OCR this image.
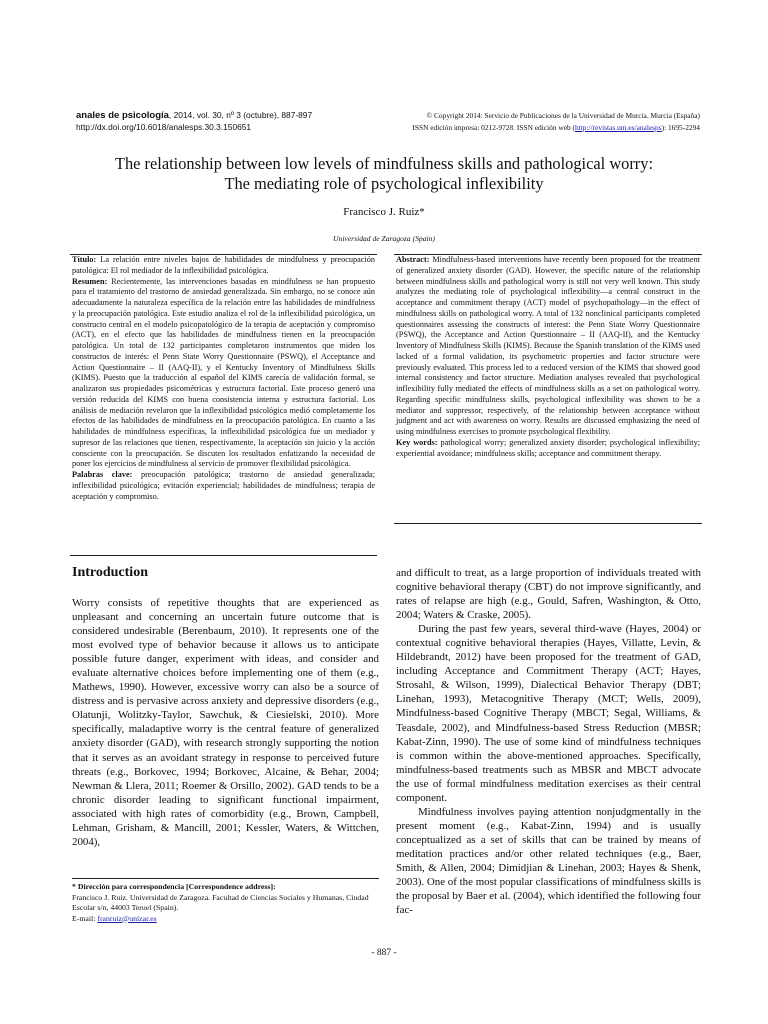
anales de psicología, 2014, vol. 30, nº 3 (octubre), 887-897
http://dx.doi.org/10.6018/analesps.30.3.150651
© Copyright 2014: Servicio de Publicaciones de la Universidad de Murcia. Murcia (España)
ISSN edición impresa: 0212-9728. ISSN edición web (http://revistas.um.es/analesps): 1695-2294
The relationship between low levels of mindfulness skills and pathological worry:
The mediating role of psychological inflexibility
Francisco J. Ruiz*
Universidad de Zaragoza (Spain)

Título: La relación entre niveles bajos de habilidades de mindfulness y preocupación patológica: El rol mediador de la inflexibilidad psicológica.

Resumen: Recientemente, las intervenciones basadas en mindfulness se han propuesto para el tratamiento del trastorno de ansiedad generalizada. Sin embargo, no se conoce aún adecuadamente la naturaleza específica de la relación entre las habilidades de mindfulness y la preocupación patológica. Este estudio analiza el rol de la inflexibilidad psicológica, un constructo central en el modelo psicopatológico de la terapia de aceptación y compromiso (ACT), en el efecto que las habilidades de mindfulness tienen en la preocupación patológica. Un total de 132 participantes completaron instrumentos que miden los constructos de interés: el Penn State Worry Questionnaire (PSWQ), el Acceptance and Action Questionnaire – II (AAQ-II), y el Kentucky Inventory of Mindfulness Skills (KIMS). Puesto que la traducción al español del KIMS carecía de validación formal, se analizaron sus propiedades psicométricas y estructura factorial. Este proceso generó una versión reducida del KIMS con buena consistencia interna y estructura factorial. Los análisis de mediación revelaron que la inflexibilidad psicológica medió completamente los efectos de las habilidades de mindfulness en la preocupación patológica. En cuanto a las habilidades de mindfulness específicas, la inflexibilidad psicológica fue un mediador y supresor de las relaciones que tienen, respectivamente, la aceptación sin juicio y la acción consciente con la preocupación. Se discuten los resultados enfatizando la necesidad de poner los ejercicios de mindfulness al servicio de promover flexibilidad psicológica.

Palabras clave: preocupación patológica; trastorno de ansiedad generalizada; inflexibilidad psicológica; evitación experiencial; habilidades de mindfulness; terapia de aceptación y compromiso.

Abstract: Mindfulness-based interventions have recently been proposed for the treatment of generalized anxiety disorder (GAD). However, the specific nature of the relationship between mindfulness skills and pathological worry is still not very well known. This study analyzes the mediating role of psychological inflexibility—a central construct in the acceptance and commitment therapy (ACT) model of psychopathology—in the effect of mindfulness skills on pathological worry. A total of 132 nonclinical participants completed questionnaires assessing the constructs of interest: the Penn State Worry Questionnaire (PSWQ), the Acceptance and Action Questionnaire – II (AAQ-II), and the Kentucky Inventory of Mindfulness Skills (KIMS). Because the Spanish translation of the KIMS used lacked of a formal validation, its psychometric properties and factor structure were previously evaluated. This process led to a reduced version of the KIMS that showed good internal consistency and factor structure. Mediation analyses revealed that psychological inflexibility fully mediated the effects of mindfulness skills as a set on pathological worry. Regarding specific mindfulness skills, psychological inflexibility was shown to be a mediator and suppressor, respectively, of the relationship between acceptance without judgment and act with awareness on worry. Results are discussed emphasizing the need of using mindfulness exercises to promote psychological flexibility.

Key words: pathological worry; generalized anxiety disorder; psychological inflexibility; experiential avoidance; mindfulness skills; acceptance and commitment therapy.

Introduction

Worry consists of repetitive thoughts that are experienced as unpleasant and concerning an uncertain future outcome that is considered undesirable (Berenbaum, 2010). It represents one of the most evolved type of behavior because it allows us to anticipate possible future danger, experiment with ideas, and consider and evaluate alternative choices before implementing one of them (e.g., Mathews, 1990). However, excessive worry can also be a source of distress and is pervasive across anxiety and depressive disorders (e.g., Olatunji, Wolitzky-Taylor, Sawchuk, & Ciesielski, 2010). More specifically, maladaptive worry is the central feature of generalized anxiety disorder (GAD), with research strongly supporting the notion that it serves as an avoidant strategy in response to perceived future threats (e.g., Borkovec, 1994; Borkovec, Alcaine, & Behar, 2004; Newman & Llera, 2011; Roemer & Orsillo, 2002). GAD tends to be a chronic disorder leading to significant functional impairment, associated with high rates of comorbidity (e.g., Brown, Campbell, Lehman, Grisham, & Mancill, 2001; Kessler, Waters, & Wittchen, 2004),

and difficult to treat, as a large proportion of individuals treated with cognitive behavioral therapy (CBT) do not improve significantly, and rates of relapse are high (e.g., Gould, Safren, Washington, & Otto, 2004; Waters & Craske, 2005).

During the past few years, several third-wave (Hayes, 2004) or contextual cognitive behavioral therapies (Hayes, Villatte, Levin, & Hildebrandt, 2012) have been proposed for the treatment of GAD, including Acceptance and Commitment Therapy (ACT; Hayes, Strosahl, & Wilson, 1999), Dialectical Behavior Therapy (DBT; Linehan, 1993), Metacognitive Therapy (MCT; Wells, 2009), Mindfulness-based Cognitive Therapy (MBCT; Segal, Williams, & Teasdale, 2002), and Mindfulness-based Stress Reduction (MBSR; Kabat-Zinn, 1990). The use of some kind of mindfulness techniques is common within the above-mentioned approaches. Specifically, mindfulness-based treatments such as MBSR and MBCT advocate the use of formal mindfulness meditation exercises as their central component.

Mindfulness involves paying attention nonjudgmentally in the present moment (e.g., Kabat-Zinn, 1994) and is usually conceptualized as a set of skills that can be trained by means of meditation practices and/or other related techniques (e.g., Baer, Smith, & Allen, 2004; Dimidjian & Linehan, 2003; Hayes & Shenk, 2003). One of the most popular classifications of mindfulness skills is the proposal by Baer et al. (2004), which identified the following four fac-

* Dirección para correspondencia [Correspondence address]:
Francisco J. Ruiz. Universidad de Zaragoza. Facultad de Ciencias Sociales y Humanas, Ciudad Escolar s/n, 44003 Teruel (Spain).
E-mail: franruiz@unizar.es
- 887 -
